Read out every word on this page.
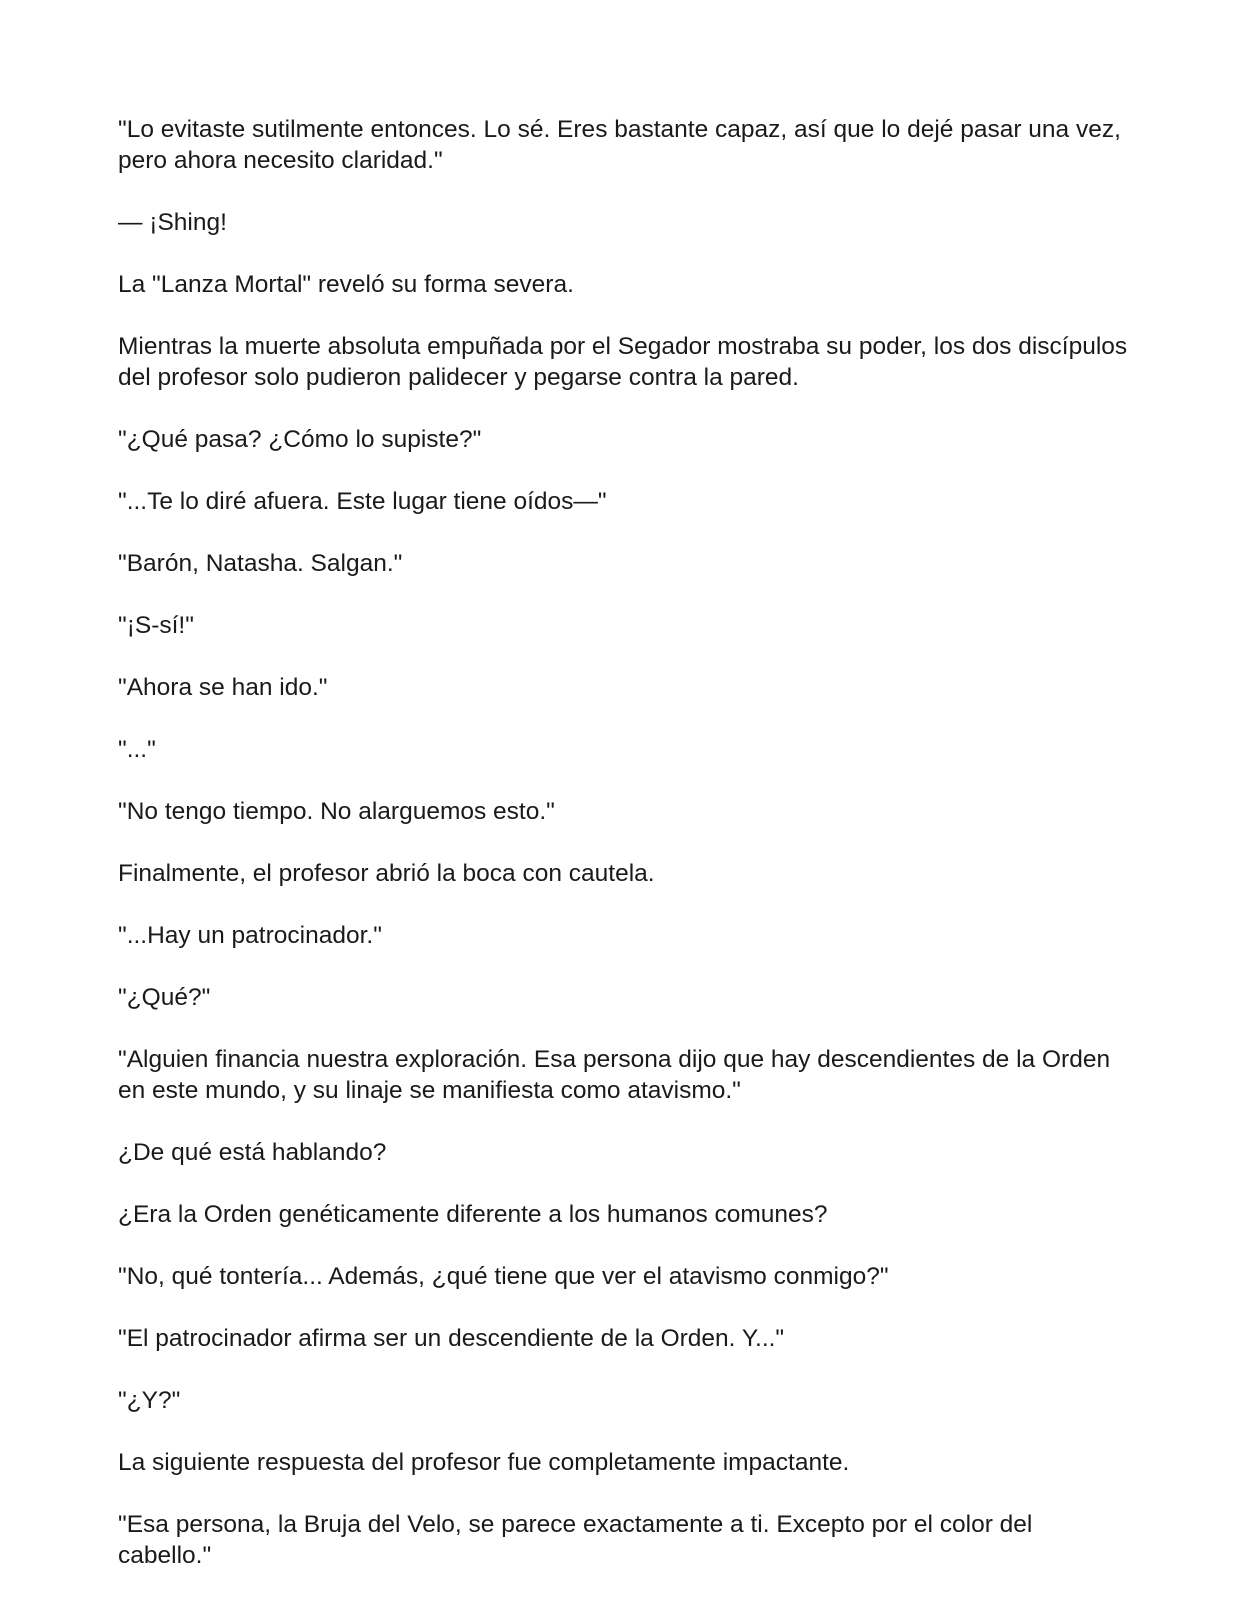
"Lo evitaste sutilmente entonces. Lo sé. Eres bastante capaz, así que lo dejé pasar una vez, pero ahora necesito claridad."

— ¡Shing!

La "Lanza Mortal" reveló su forma severa.

Mientras la muerte absoluta empuñada por el Segador mostraba su poder, los dos discípulos del profesor solo pudieron palidecer y pegarse contra la pared.

"¿Qué pasa? ¿Cómo lo supiste?"

"...Te lo diré afuera. Este lugar tiene oídos—"

"Barón, Natasha. Salgan."

"¡S-sí!"

"Ahora se han ido."

"..."

"No tengo tiempo. No alarguemos esto."

Finalmente, el profesor abrió la boca con cautela.

"...Hay un patrocinador."

"¿Qué?"

"Alguien financia nuestra exploración. Esa persona dijo que hay descendientes de la Orden en este mundo, y su linaje se manifiesta como atavismo."

¿De qué está hablando?

¿Era la Orden genéticamente diferente a los humanos comunes?

"No, qué tontería... Además, ¿qué tiene que ver el atavismo conmigo?"

"El patrocinador afirma ser un descendiente de la Orden. Y..."

"¿Y?"

La siguiente respuesta del profesor fue completamente impactante.

"Esa persona, la Bruja del Velo, se parece exactamente a ti. Excepto por el color del cabello."
